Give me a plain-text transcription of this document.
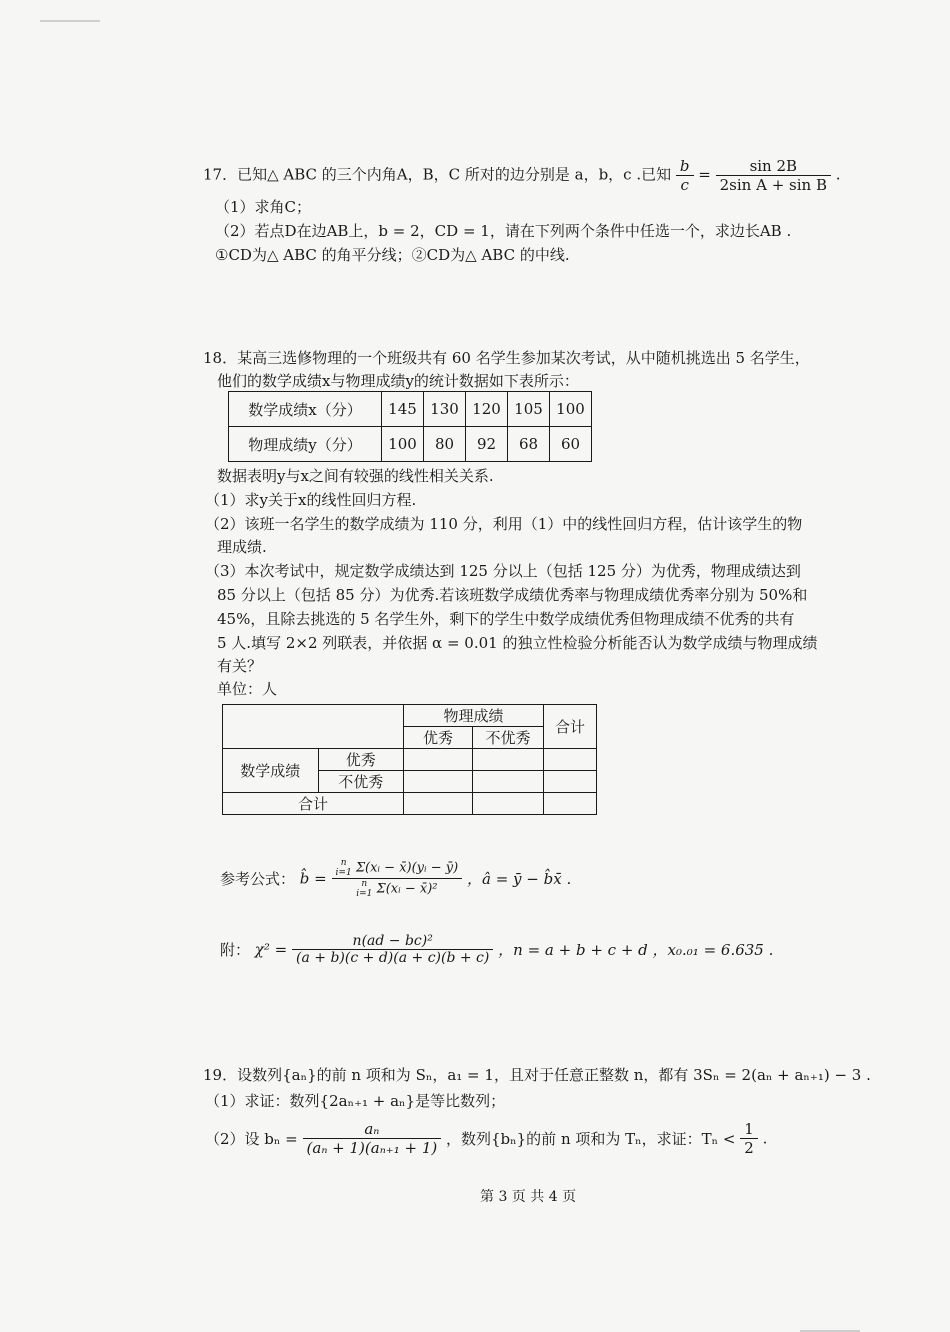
17．已知△ ABC 的三个内角A，B，C 所对的边分别是 a，b，c .已知 $\frac{b}{c} = \frac{\sin 2B}{\text{2sin A + sin B}}$ .
（1）求角C；
（2）若点D在边AB上，b = 2，CD = 1，请在下列两个条件中任选一个，求边长AB .
①CD为△ ABC 的角平分线；②CD为△ ABC 的中线.
18．某高三选修物理的一个班级共有 60 名学生参加某次考试，从中随机挑选出 5 名学生，
他们的数学成绩x与物理成绩y的统计数据如下表所示：
数学成绩x（分）	145	130	120	105	100
物理成绩y（分）	100	80	92	68	60
数据表明y与x之间有较强的线性相关关系.
（1）求y关于x的线性回归方程.
（2）该班一名学生的数学成绩为 110 分，利用（1）中的线性回归方程，估计该学生的物
理成绩.
（3）本次考试中，规定数学成绩达到 125 分以上（包括 125 分）为优秀，物理成绩达到
85 分以上（包括 85 分）为优秀.若该班数学成绩优秀率与物理成绩优秀率分别为 50%和
45%，且除去挑选的 5 名学生外，剩下的学生中数学成绩优秀但物理成绩不优秀的共有
5 人.填写 2×2 列联表，并依据 α = 0.01 的独立性检验分析能否认为数学成绩与物理成绩
有关？
单位：人
		物理成绩		合计
		优秀	不优秀	
数学成绩	优秀			
	不优秀			
合计				
参考公式： b̂ = n
i=1 Σ(xᵢ − x̄)(yᵢ − ȳ)
n
i=1 Σ(xᵢ − x̄)² ，â = ȳ − b̂x̄ .
附： $\chi^2 = \frac{\text{n(ad − bc)²}}{(a + b)(c + d)(a + c)(b + c)}$ ，n = a + b + c + d ，x₀.₀₁ = 6.635 .
19．设数列{aₙ}的前 n 项和为 Sₙ，a₁ = 1，且对于任意正整数 n，都有 3Sₙ = 2(aₙ + aₙ₊₁) − 3 .
（1）求证：数列{2aₙ₊₁ + aₙ}是等比数列；
（2）设 $b_n = \frac{\text{aₙ}}{\text{(aₙ + 1)(aₙ₊₁ + 1)}}$ ，数列{bₙ}的前 n 项和为 Tₙ，求证：$T_n < \frac{1}{2}$ .
第 3 页 共 4 页
